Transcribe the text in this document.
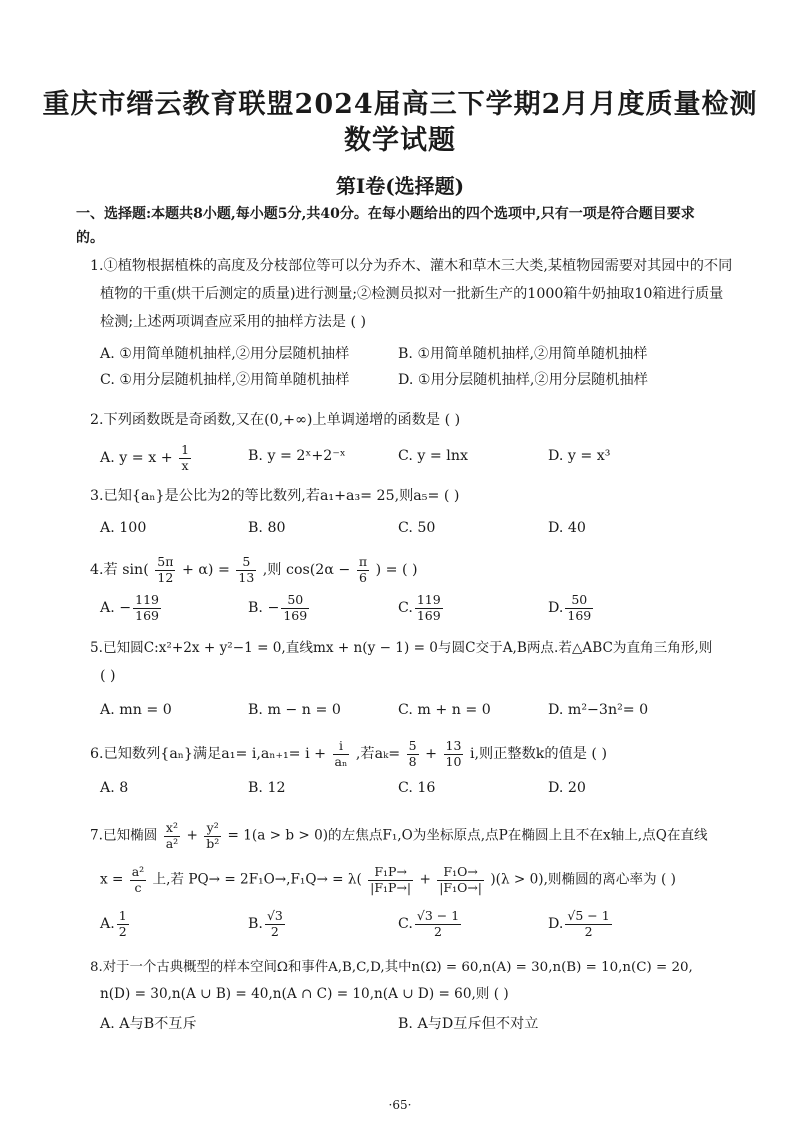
重庆市缙云教育联盟2024届高三下学期2月月度质量检测
数学试题
第Ⅰ卷(选择题)
一、选择题:本题共8小题,每小题5分,共40分。在每小题给出的四个选项中,只有一项是符合题目要求
的。
1.①植物根据植株的高度及分枝部位等可以分为乔木、灌木和草木三大类,某植物园需要对其园中的不同
植物的干重(烘干后测定的质量)进行测量;②检测员拟对一批新生产的1000箱牛奶抽取10箱进行质量
检测;上述两项调查应采用的抽样方法是 ( )
A. ①用简单随机抽样,②用分层随机抽样	B. ①用简单随机抽样,②用简单随机抽样
C. ①用分层随机抽样,②用简单随机抽样	D. ①用分层随机抽样,②用分层随机抽样
2.下列函数既是奇函数,又在(0,+∞)上单调递增的函数是 ( )
A. $y = x + \frac{1}{x}$	B. y = 2ˣ+2⁻ˣ	C. y = lnx	D. y = x³
3.已知{aₙ}是公比为2的等比数列,若a₁+a₃= 25,则a₅= ( )
A. 100	B. 80	C. 50	D. 40
4.若 $\sin( \frac{5\pi}{12} + \alpha) = \frac{5}{13}$ ,则 $\cos(2\alpha - \frac{\pi}{6}$ ) = ( )
A. − $\frac{119}{169}$	B. − $\frac{50}{169}$	C. $\frac{119}{169}$	D. $\frac{50}{169}$
5.已知圆C:x²+2x + y²−1 = 0,直线mx + n(y − 1) = 0与圆C交于A,B两点.若△ABC为直角三角形,则
( )
A. mn = 0	B. m − n = 0	C. m + n = 0	D. m²−3n²= 0
6.已知数列{aₙ}满足$a_1= i,a_{n+1}= i + \frac{i}{\text{aₙ}}$ ,若$a_k= \frac{5}{8} + \frac{13}{10} i$,则正整数k的值是 ( )
A. 8	B. 12	C. 16	D. 20
7.已知椭圆 $\frac{\text{x²}}{\text{a²}} + \frac{\text{y²}}{\text{b²}} = 1(a > b > 0)$的左焦点F₁,O为坐标原点,点P在椭圆上且不在x轴上,点Q在直线
$x = \frac{\text{a²}}{c}$ 上,若 $PQ\to = 2F_1O\to,F_1Q\to = \lambda( \frac{\text{F₁P→}}{\text{|F₁P→|}} + \frac{\text{F₁O→}}{\text{|F₁O→|}} )(\lambda > 0)$,则椭圆的离心率为 ( )
A. $\frac{1}{2}$	B. $\frac{√3}{2}$	C. $\frac{√3 - 1}{2}$	D. $\frac{√5 - 1}{2}$
8.对于一个古典概型的样本空间Ω和事件A,B,C,D,其中n(Ω) = 60,n(A) = 30,n(B) = 10,n(C) = 20,
n(D) = 30,n(A ∪ B) = 40,n(A ∩ C) = 10,n(A ∪ D) = 60,则 ( )
A. A与B不互斥	B. A与D互斥但不对立
·65·
